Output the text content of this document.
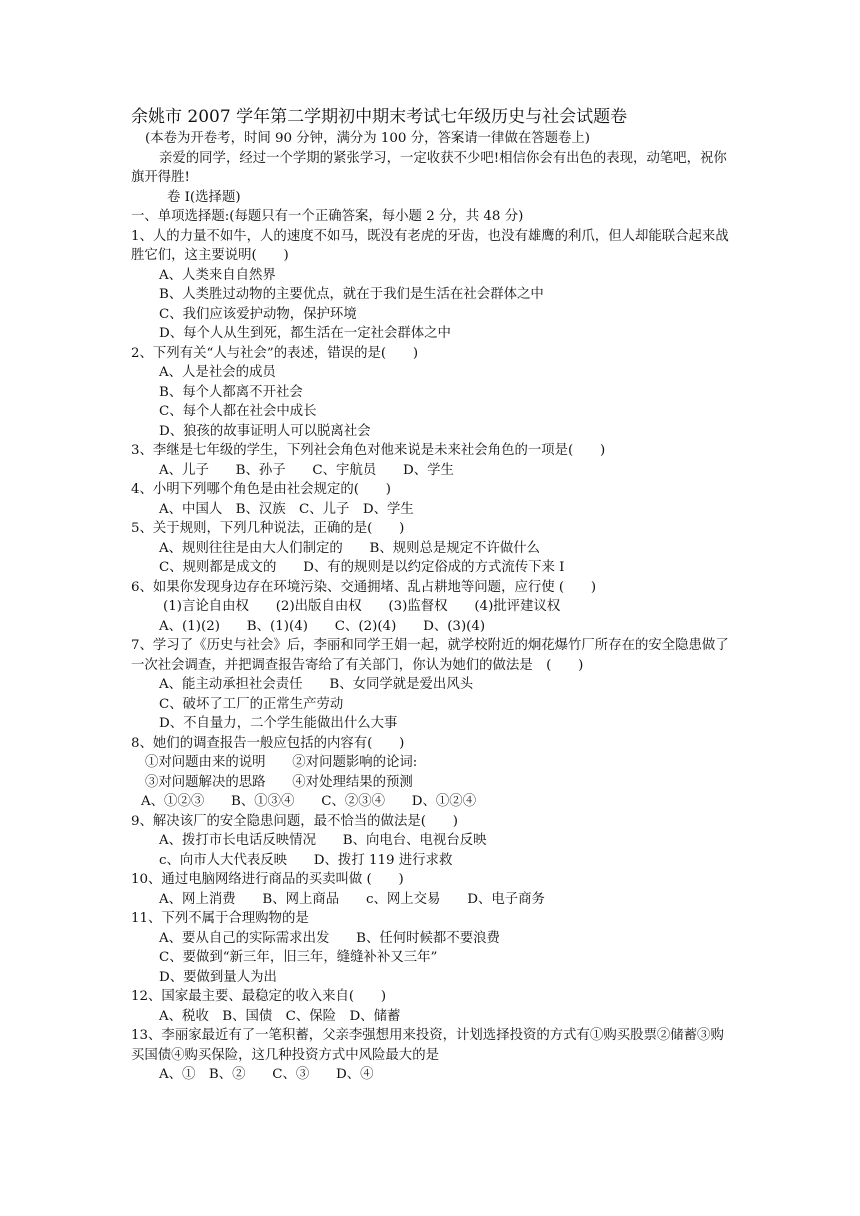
余姚市 2007 学年第二学期初中期末考试七年级历史与社会试题卷
(本卷为开卷考，时间 90 分钟，满分为 100 分，答案请一律做在答题卷上)
亲爱的同学，经过一个学期的紧张学习，一定收获不少吧!相信你会有出色的表现，动笔吧，祝你旗开得胜!
卷 I(选择题)
一、单项选择题:(每题只有一个正确答案，每小题 2 分，共 48 分)
1、人的力量不如牛，人的速度不如马，既没有老虎的牙齿，也没有雄鹰的利爪，但人却能联合起来战胜它们，这主要说明(　　)
A、人类来自自然界
B、人类胜过动物的主要优点，就在于我们是生活在社会群体之中
C、我们应该爱护动物，保护环境
D、每个人从生到死，都生活在一定社会群体之中
2、下列有关“人与社会”的表述，错误的是(　　)
A、人是社会的成员
B、每个人都离不开社会
C、每个人都在社会中成长
D、狼孩的故事证明人可以脱离社会
3、李继是七年级的学生，下列社会角色对他来说是未来社会角色的一项是(　　)
A、儿子　　B、孙子　　C、宇航员　　D、学生
4、小明下列哪个角色是由社会规定的(　　)
A、中国人　B、汉族　C、儿子　D、学生
5、关于规则，下列几种说法，正确的是(　　)
A、规则往往是由大人们制定的　　B、规则总是规定不许做什么
C、规则都是成文的　　D、有的规则是以约定俗成的方式流传下来 I
6、如果你发现身边存在环境污染、交通拥堵、乱占耕地等问题，应行使 (　　)
(1)言论自由权　　(2)出版自由权　　(3)监督权　　(4)批评建议权
A、(1)(2)　　B、(1)(4)　　C、(2)(4)　　D、(3)(4)
7、学习了《历史与社会》后，李丽和同学王娟一起，就学校附近的炯花爆竹厂所存在的安全隐患做了一次社会调查，并把调查报告寄给了有关部门，你认为她们的做法是　(　　)
A、能主动承担社会责任　　B、女同学就是爱出风头
C、破坏了工厂的正常生产劳动
D、不自量力，二个学生能做出什么大事
8、她们的调查报告一般应包括的内容有(　　)
①对问题由来的说明　　②对问题影响的论词:
③对问题解决的思路　　④对处理结果的预测
A、①②③　　B、①③④　　C、②③④　　D、①②④
9、解决该厂的安全隐患问题，最不恰当的做法是(　　)
A、拨打市长电话反映情况　　B、向电台、电视台反映
c、向市人大代表反映　　D、拨打 119 进行求救
10、通过电脑网络进行商品的买卖叫做 (　　)
A、网上消费　　B、网上商品　　c、网上交易　　D、电子商务
11、下列不属于合理购物的是
A、要从自己的实际需求出发　　B、任何时候都不要浪费
C、要做到“新三年，旧三年，缝缝补补又三年”
D、要做到量人为出
12、国家最主要、最稳定的收入来自(　　)
A、税收　B、国债　C、保险　D、储蓄
13、李丽家最近有了一笔积蓄，父亲李强想用来投资，计划选择投资的方式有①购买股票②储蓄③购买国债④购买保险，这几种投资方式中风险最大的是
A、①　B、②　　C、③　　D、④
